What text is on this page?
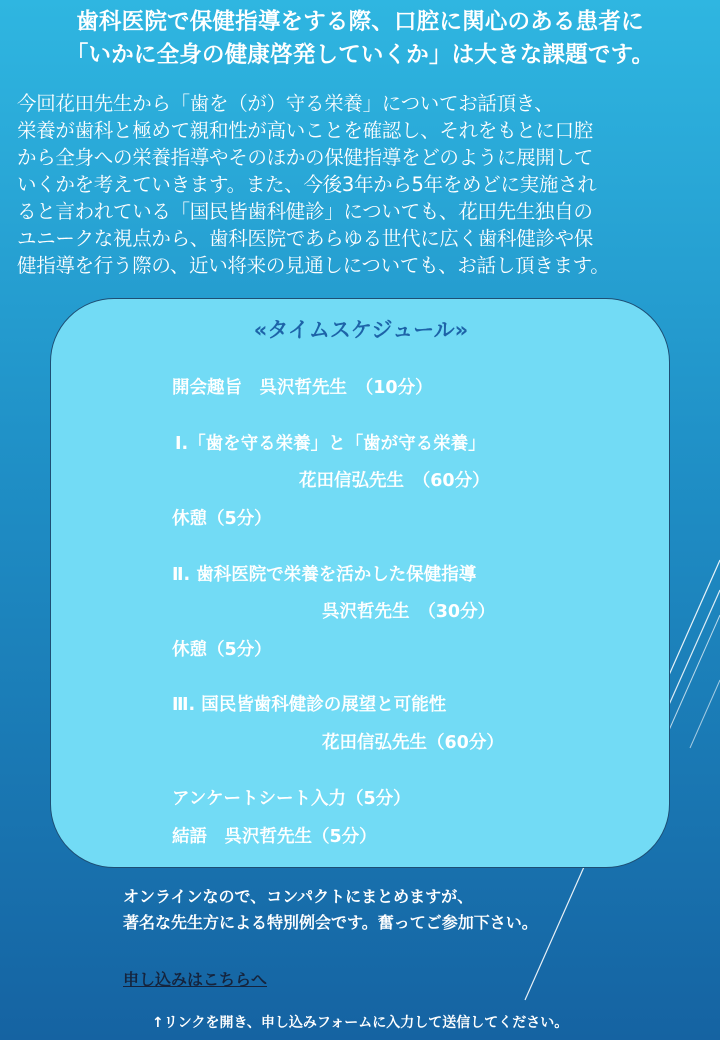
歯科医院で保健指導をする際、口腔に関心のある患者に
「いかに全身の健康啓発していくか」は大きな課題です。
今回花田先生から「歯を（が）守る栄養」についてお話頂き、
栄養が歯科と極めて親和性が高いことを確認し、それをもとに口腔
から全身への栄養指導やそのほかの保健指導をどのように展開して
いくかを考えていきます。また、今後3年から5年をめどに実施され
ると言われている「国民皆歯科健診」についても、花田先生独自の
ユニークな視点から、歯科医院であらゆる世代に広く歯科健診や保
健指導を行う際の、近い将来の見通しについても、お話し頂きます。
«タイムスケジュール»
開会趣旨　呉沢哲先生　（10分）
Ⅰ.「歯を守る栄養」と「歯が守る栄養」
花田信弘先生　（60分）
休憩（5分）
Ⅱ. 歯科医院で栄養を活かした保健指導
呉沢哲先生　（30分）
休憩（5分）
Ⅲ. 国民皆歯科健診の展望と可能性
花田信弘先生（60分）
アンケートシート入力（5分）
結語　呉沢哲先生（5分）
オンラインなので、コンパクトにまとめますが、
著名な先生方による特別例会です。奮ってご参加下さい。
申し込みはこちらへ
↑リンクを開き、申し込みフォームに入力して送信してください。
